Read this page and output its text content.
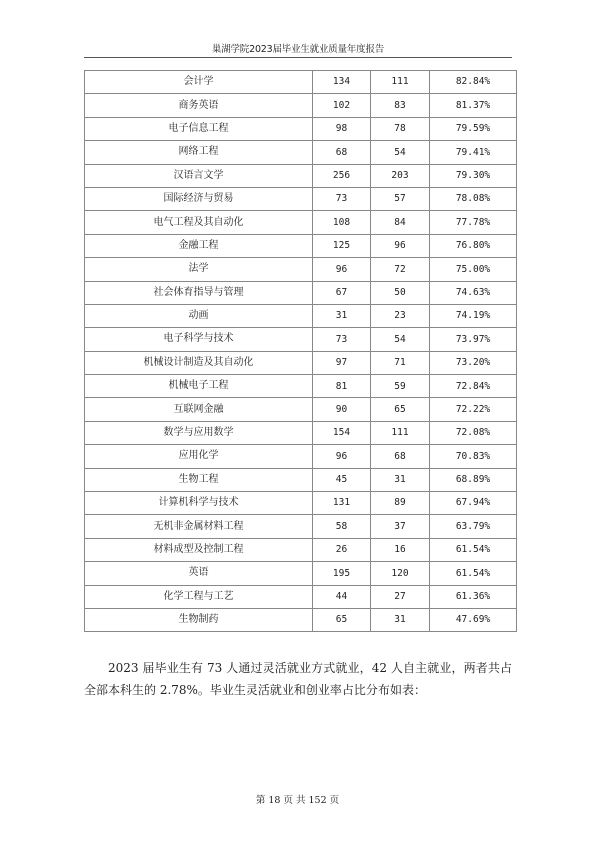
巢湖学院2023届毕业生就业质量年度报告
会计学	134	111	82.84%
商务英语	102	83	81.37%
电子信息工程	98	78	79.59%
网络工程	68	54	79.41%
汉语言文学	256	203	79.30%
国际经济与贸易	73	57	78.08%
电气工程及其自动化	108	84	77.78%
金融工程	125	96	76.80%
法学	96	72	75.00%
社会体育指导与管理	67	50	74.63%
动画	31	23	74.19%
电子科学与技术	73	54	73.97%
机械设计制造及其自动化	97	71	73.20%
机械电子工程	81	59	72.84%
互联网金融	90	65	72.22%
数学与应用数学	154	111	72.08%
应用化学	96	68	70.83%
生物工程	45	31	68.89%
计算机科学与技术	131	89	67.94%
无机非金属材料工程	58	37	63.79%
材料成型及控制工程	26	16	61.54%
英语	195	120	61.54%
化学工程与工艺	44	27	61.36%
生物制药	65	31	47.69%
2023 届毕业生有 73 人通过灵活就业方式就业，42 人自主就业，两者共占全部本科生的 2.78%。毕业生灵活就业和创业率占比分布如表：
第 18 页 共 152 页
